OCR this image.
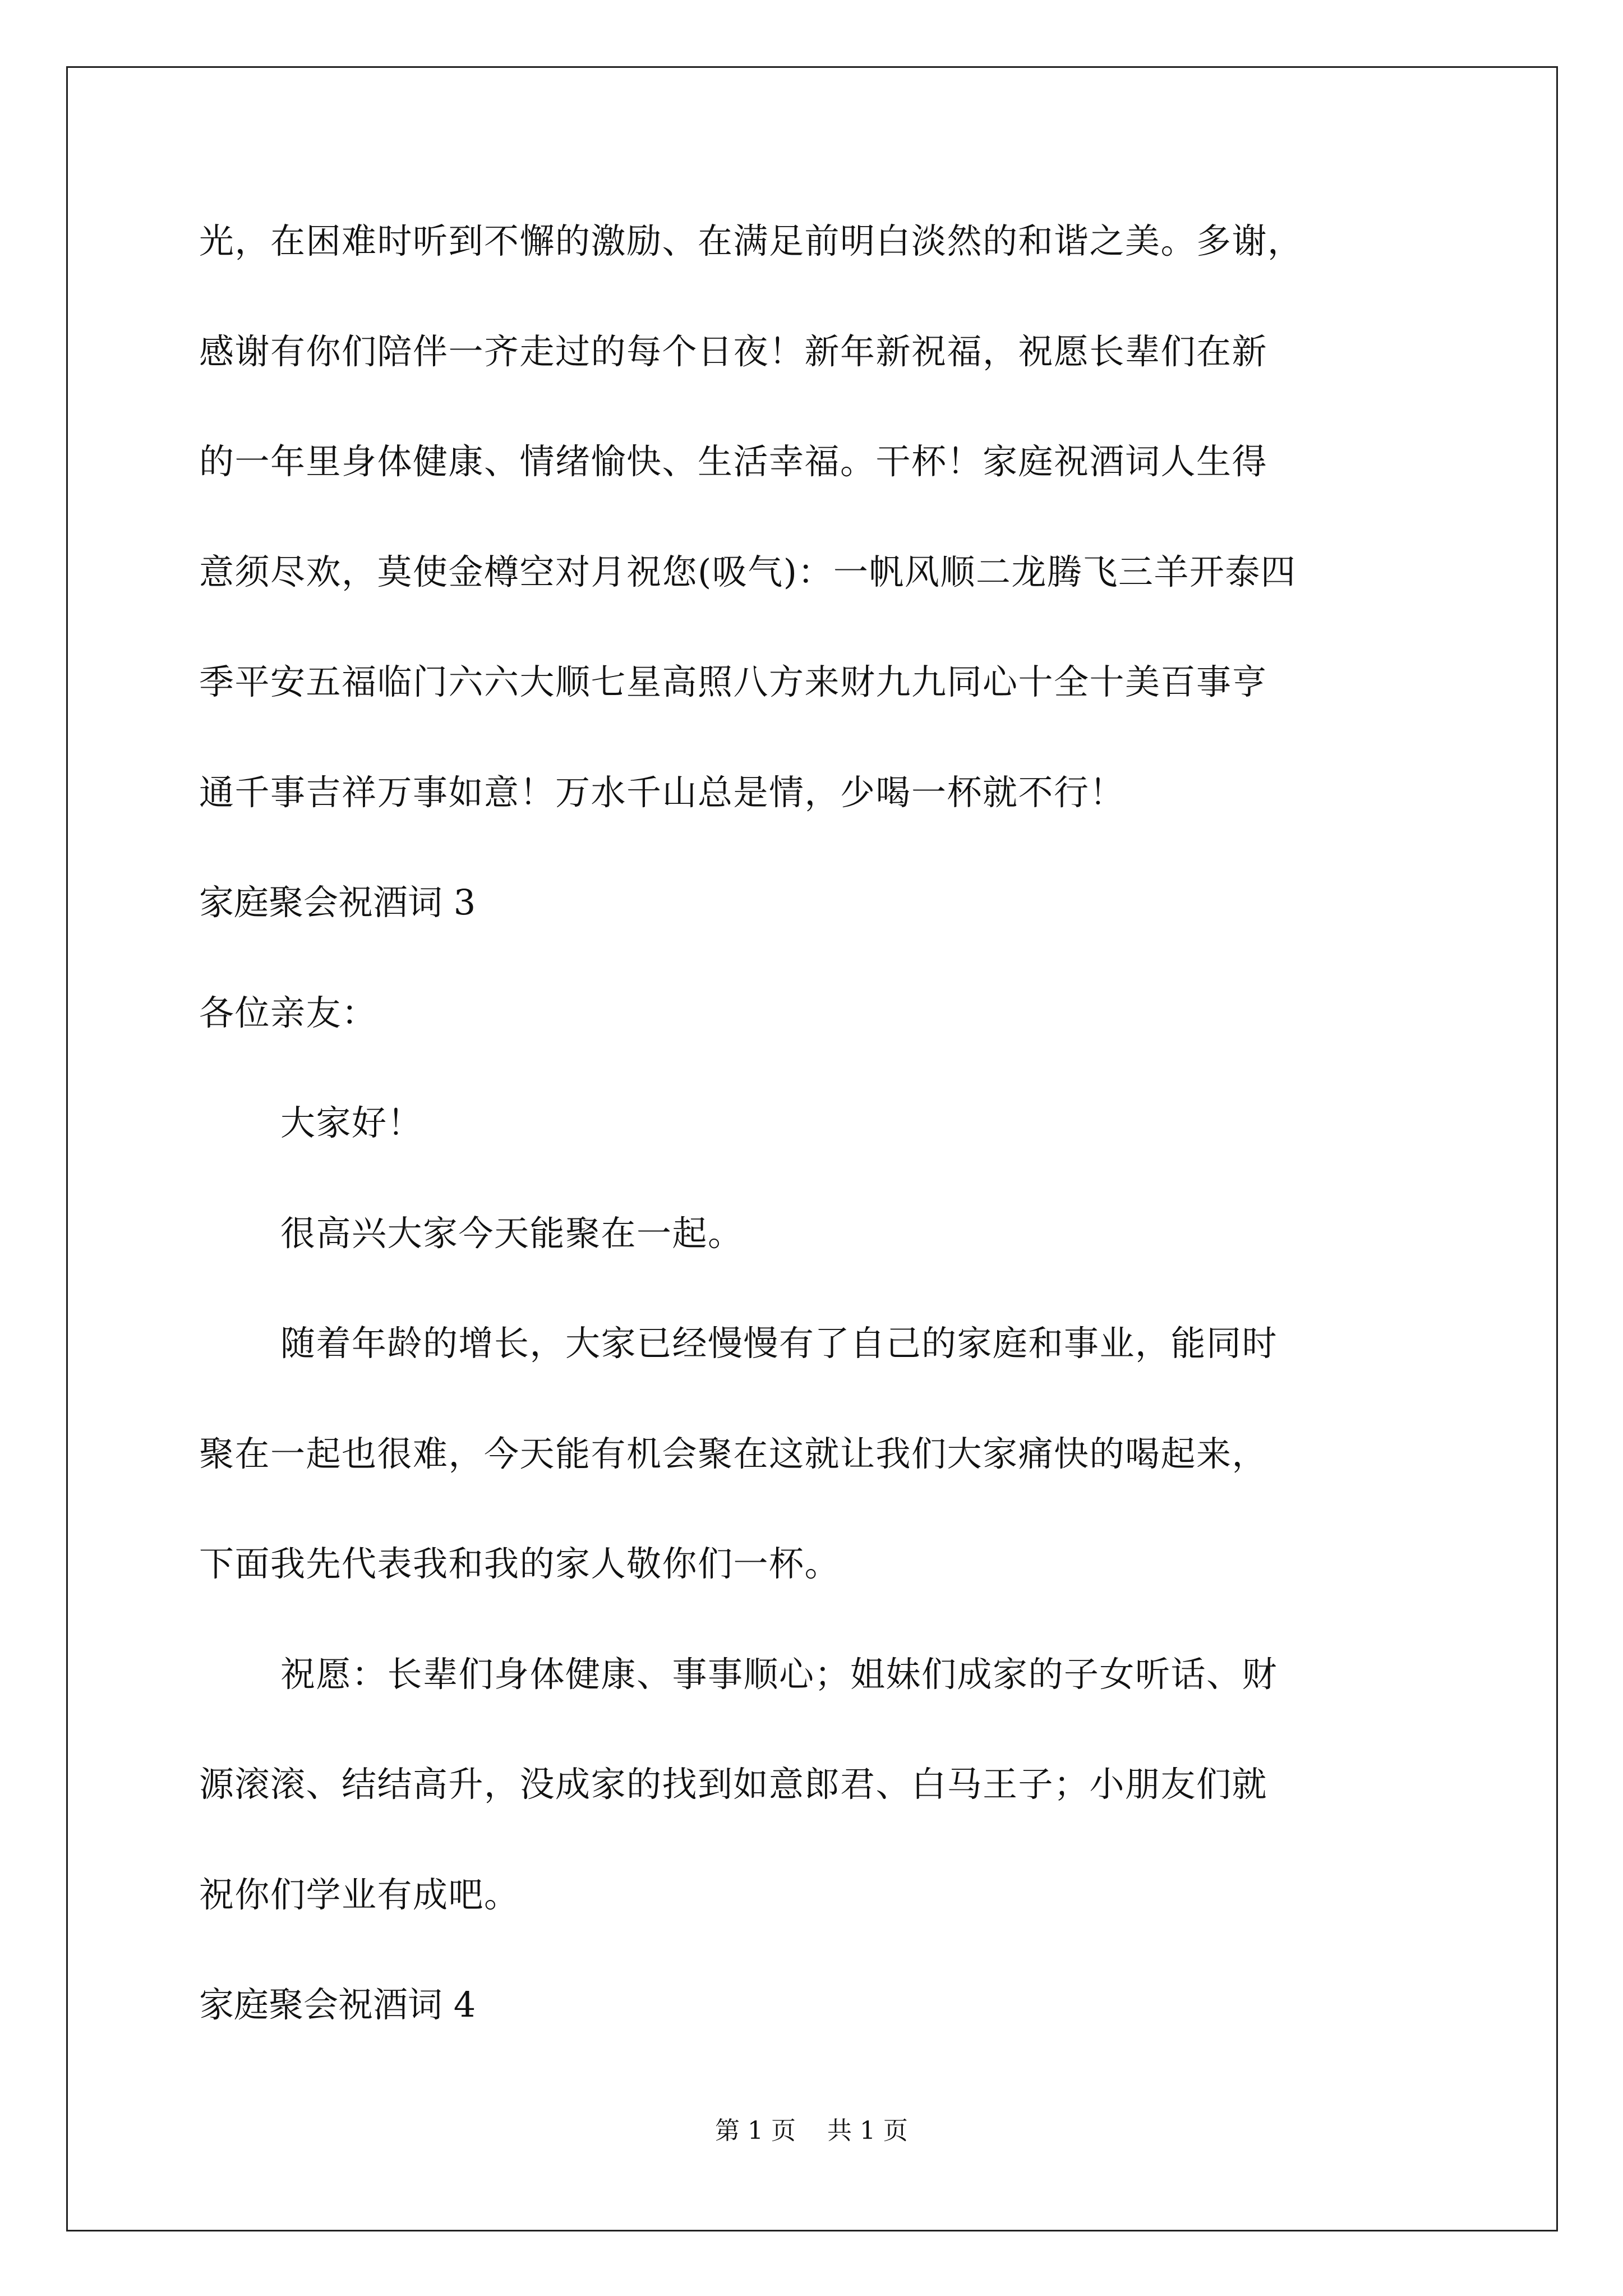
光，在困难时听到不懈的激励、在满足前明白淡然的和谐之美。多谢，
感谢有你们陪伴一齐走过的每个日夜！新年新祝福，祝愿长辈们在新
的一年里身体健康、情绪愉快、生活幸福。干杯！家庭祝酒词人生得
意须尽欢，莫使金樽空对月祝您(吸气)：一帆风顺二龙腾飞三羊开泰四
季平安五福临门六六大顺七星高照八方来财九九同心十全十美百事亨
通千事吉祥万事如意！万水千山总是情，少喝一杯就不行！
家庭聚会祝酒词 3
各位亲友：
大家好！
很高兴大家今天能聚在一起。
随着年龄的增长，大家已经慢慢有了自己的家庭和事业，能同时
聚在一起也很难，今天能有机会聚在这就让我们大家痛快的喝起来，
下面我先代表我和我的家人敬你们一杯。
祝愿：长辈们身体健康、事事顺心；姐妹们成家的子女听话、财
源滚滚、结结高升，没成家的找到如意郎君、白马王子；小朋友们就
祝你们学业有成吧。
家庭聚会祝酒词 4
第 1 页    共 1 页
